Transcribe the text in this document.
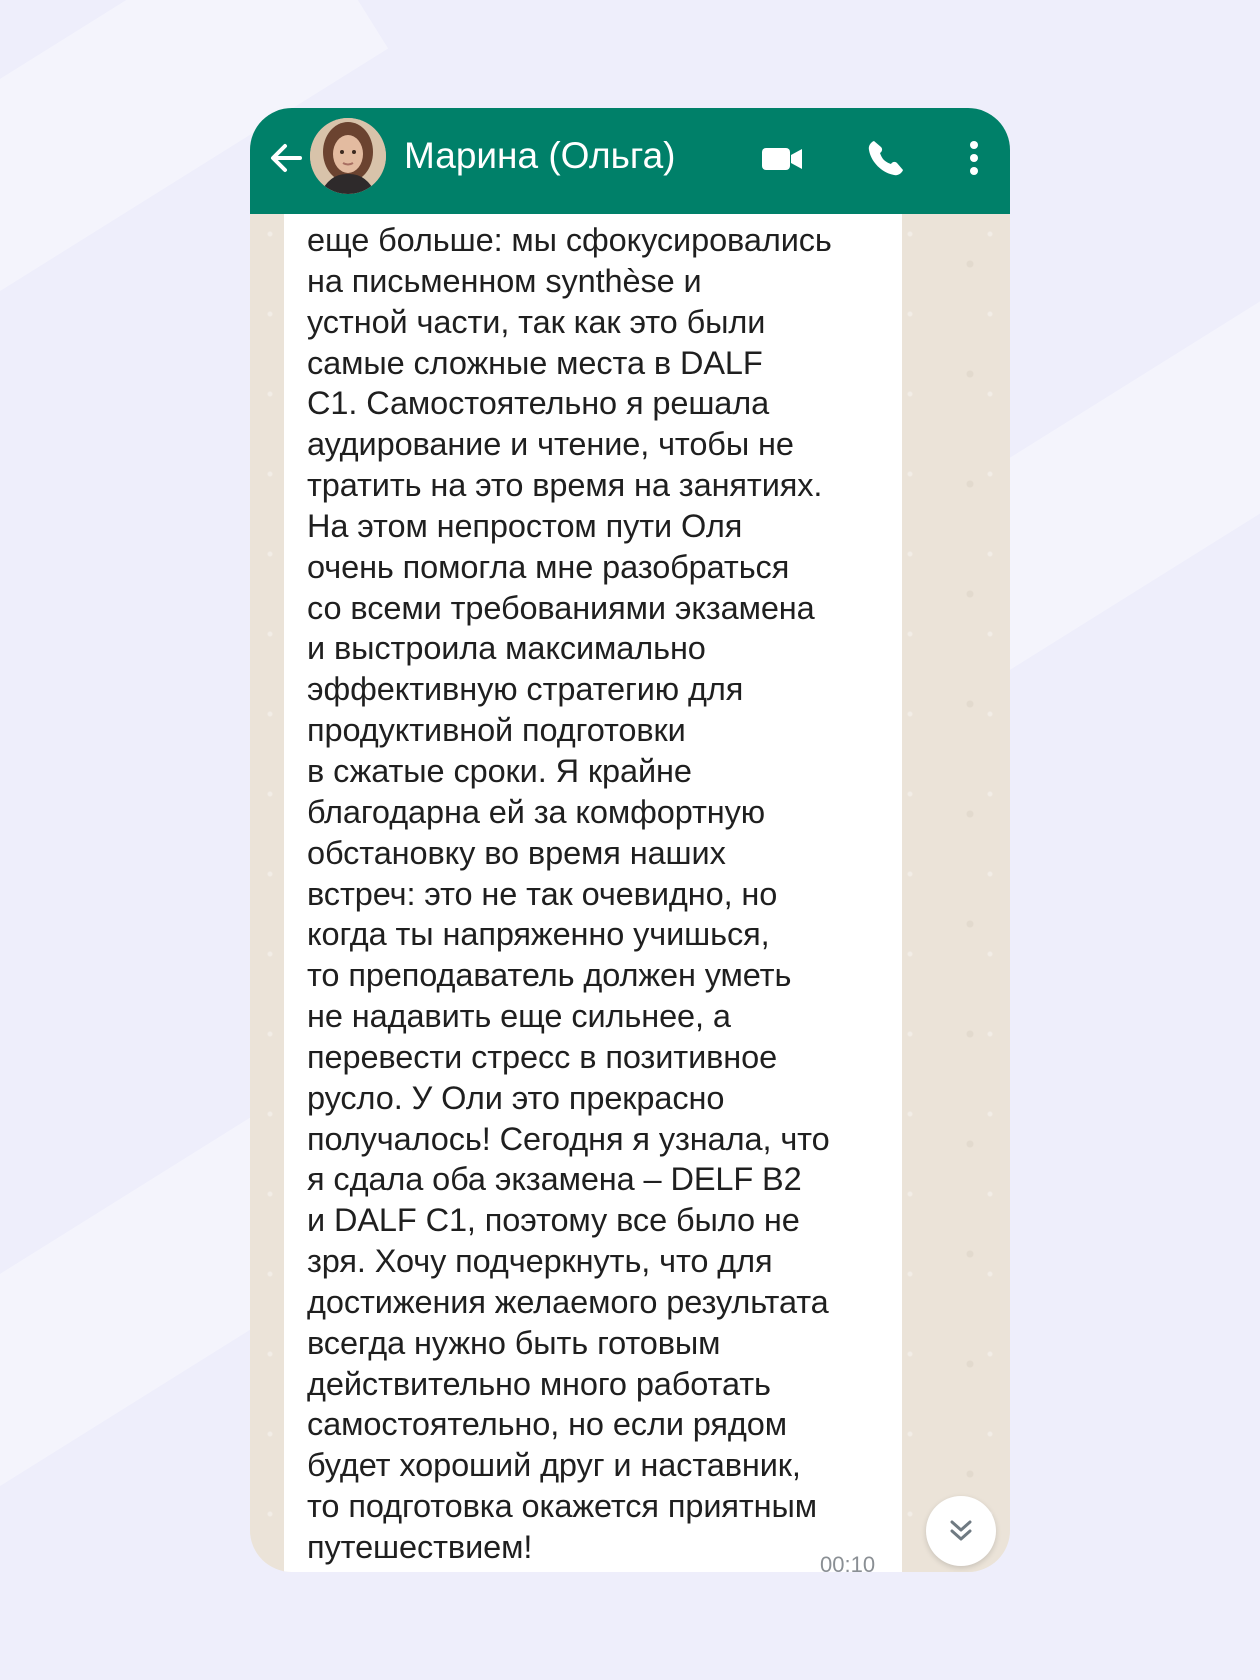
Марина (Ольга)

еще больше: мы сфокусировались
на письменном synthèse и
устной части, так как это были
самые сложные места в DALF
C1. Самостоятельно я решала
аудирование и чтение, чтобы не
тратить на это время на занятиях.
На этом непростом пути Оля
очень помогла мне разобраться
со всеми требованиями экзамена
и выстроила максимально
эффективную стратегию для
продуктивной подготовки
в сжатые сроки. Я крайне
благодарна ей за комфортную
обстановку во время наших
встреч: это не так очевидно, но
когда ты напряженно учишься,
то преподаватель должен уметь
не надавить еще сильнее, а
перевести стресс в позитивное
русло. У Оли это прекрасно
получалось! Сегодня я узнала, что
я сдала оба экзамена – DELF B2
и DALF C1, поэтому все было не
зря. Хочу подчеркнуть, что для
достижения желаемого результата
всегда нужно быть готовым
действительно много работать
самостоятельно, но если рядом
будет хороший друг и наставник,
то подготовка окажется приятным
путешествием!	00:10
